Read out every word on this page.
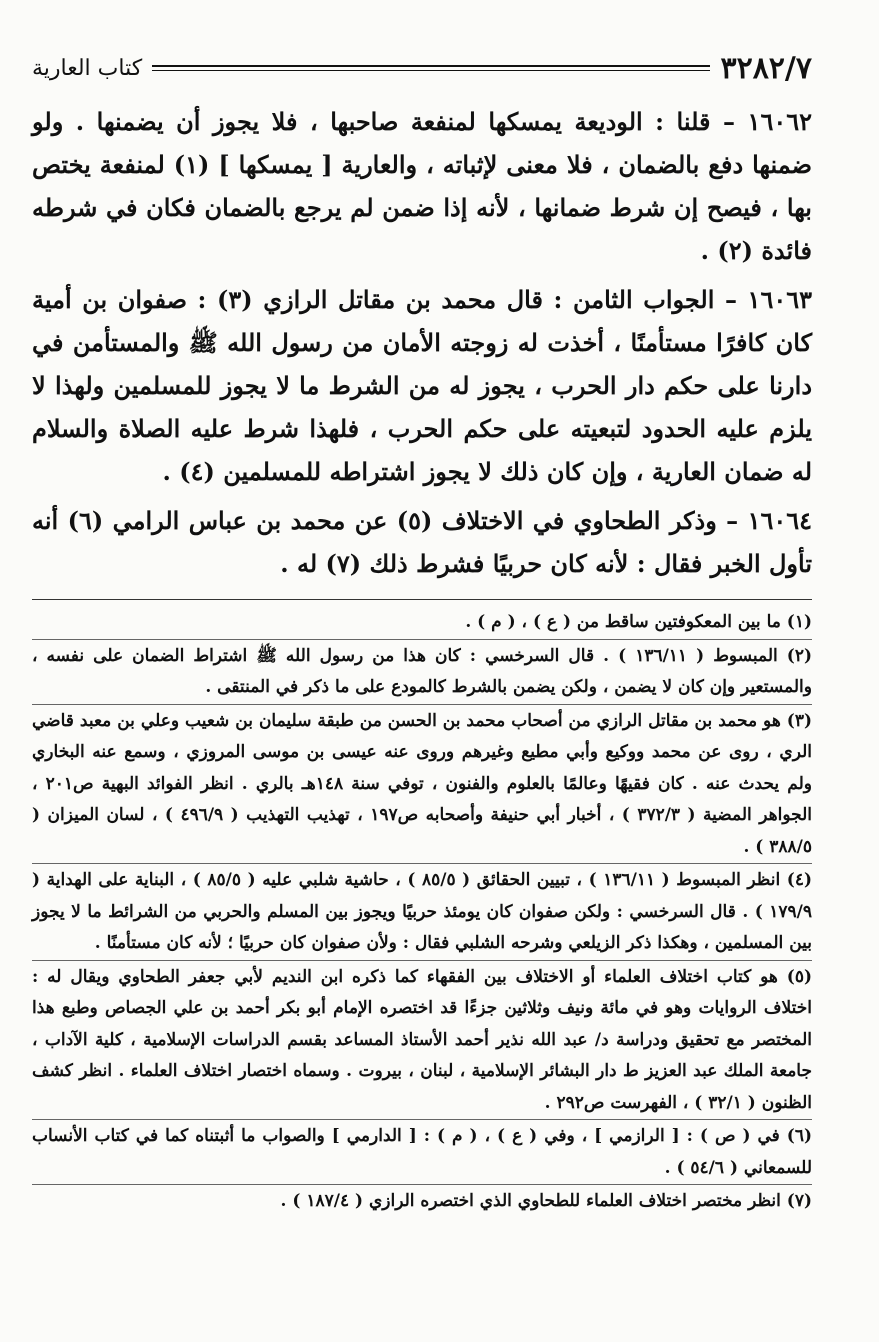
٣٢٨٢/٧
كتاب العارية

١٦٠٦٢ – قلنا : الوديعة يمسكها لمنفعة صاحبها ، فلا يجوز أن يضمنها . ولو ضمنها دفع بالضمان ، فلا معنى لإثباته ، والعارية [ يمسكها ] (١) لمنفعة يختص بها ، فيصح إن شرط ضمانها ، لأنه إذا ضمن لم يرجع بالضمان فكان في شرطه فائدة (٢) .

١٦٠٦٣ – الجواب الثامن : قال محمد بن مقاتل الرازي (٣) : صفوان بن أمية كان كافرًا مستأمنًا ، أخذت له زوجته الأمان من رسول الله ﷺ والمستأمن في دارنا على حكم دار الحرب ، يجوز له من الشرط ما لا يجوز للمسلمين ولهذا لا يلزم عليه الحدود لتبعيته على حكم الحرب ، فلهذا شرط عليه الصلاة والسلام له ضمان العارية ، وإن كان ذلك لا يجوز اشتراطه للمسلمين (٤) .

١٦٠٦٤ – وذكر الطحاوي في الاختلاف (٥) عن محمد بن عباس الرامي (٦) أنه تأول الخبر فقال : لأنه كان حربيًا فشرط ذلك (٧) له .

(١) ما بين المعكوفتين ساقط من ( ع ) ، ( م ) .

(٢) المبسوط ( ١٣٦/١١ ) . قال السرخسي : كان هذا من رسول الله ﷺ اشتراط الضمان على نفسه ، والمستعير وإن كان لا يضمن ، ولكن يضمن بالشرط كالمودع على ما ذكر في المنتقى .

(٣) هو محمد بن مقاتل الرازي من أصحاب محمد بن الحسن من طبقة سليمان بن شعيب وعلي بن معبد قاضي الري ، روى عن محمد ووكيع وأبي مطيع وغيرهم وروى عنه عيسى بن موسى المروزي ، وسمع عنه البخاري ولم يحدث عنه . كان فقيهًا وعالمًا بالعلوم والفنون ، توفي سنة ١٤٨هـ بالري . انظر الفوائد البهية ص٢٠١ ، الجواهر المضية ( ٣٧٢/٣ ) ، أخبار أبي حنيفة وأصحابه ص١٩٧ ، تهذيب التهذيب ( ٤٩٦/٩ ) ، لسان الميزان ( ٣٨٨/٥ ) .

(٤) انظر المبسوط ( ١٣٦/١١ ) ، تبيين الحقائق ( ٨٥/٥ ) ، حاشية شلبي عليه ( ٨٥/٥ ) ، البناية على الهداية ( ١٧٩/٩ ) . قال السرخسي : ولكن صفوان كان يومئذ حربيًا ويجوز بين المسلم والحربي من الشرائط ما لا يجوز بين المسلمين ، وهكذا ذكر الزيلعي وشرحه الشلبي فقال : ولأن صفوان كان حربيًا ؛ لأنه كان مستأمنًا .

(٥) هو كتاب اختلاف العلماء أو الاختلاف بين الفقهاء كما ذكره ابن النديم لأبي جعفر الطحاوي ويقال له : اختلاف الروايات وهو في مائة ونيف وثلاثين جزءًا قد اختصره الإمام أبو بكر أحمد بن علي الجصاص وطبع هذا المختصر مع تحقيق ودراسة د/ عبد الله نذير أحمد الأستاذ المساعد بقسم الدراسات الإسلامية ، كلية الآداب ، جامعة الملك عبد العزيز ط دار البشائر الإسلامية ، لبنان ، بيروت . وسماه اختصار اختلاف العلماء . انظر كشف الظنون ( ٣٢/١ ) ، الفهرست ص٢٩٢ .

(٦) في ( ص ) : [ الرازمي ] ، وفي ( ع ) ، ( م ) : [ الدارمي ] والصواب ما أثبتناه كما في كتاب الأنساب للسمعاني ( ٥٤/٦ ) .

(٧) انظر مختصر اختلاف العلماء للطحاوي الذي اختصره الرازي ( ١٨٧/٤ ) .
